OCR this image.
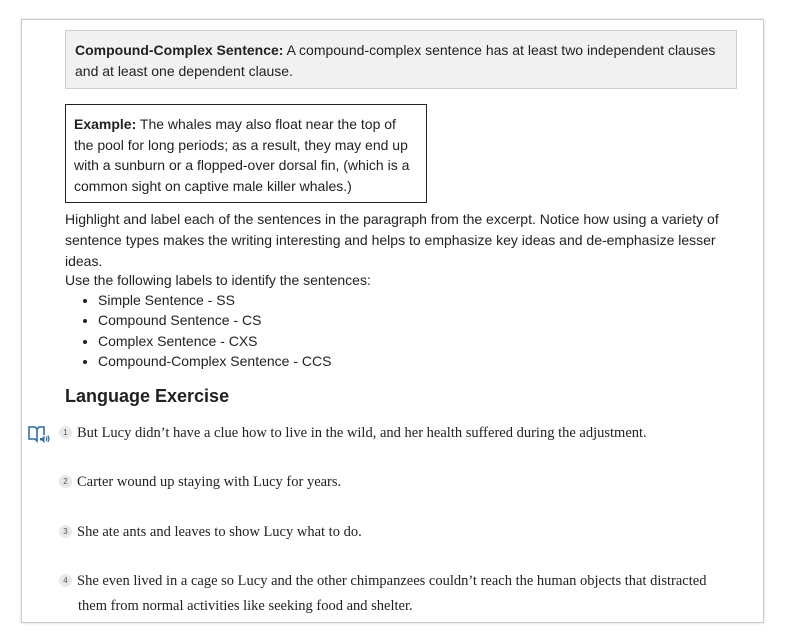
Compound-Complex Sentence: A compound-complex sentence has at least two independent clauses and at least one dependent clause.
Example: The whales may also float near the top of the pool for long periods; as a result, they may end up with a sunburn or a flopped-over dorsal fin, (which is a common sight on captive male killer whales.)
Highlight and label each of the sentences in the paragraph from the excerpt. Notice how using a variety of sentence types makes the writing interesting and helps to emphasize key ideas and de-emphasize lesser ideas.
Use the following labels to identify the sentences:
• Simple Sentence - SS
• Compound Sentence - CS
• Complex Sentence - CXS
• Compound-Complex Sentence - CCS
Language Exercise
1 But Lucy didn’t have a clue how to live in the wild, and her health suffered during the adjustment.
2 Carter wound up staying with Lucy for years.
3 She ate ants and leaves to show Lucy what to do.
4 She even lived in a cage so Lucy and the other chimpanzees couldn’t reach the human objects that distracted
them from normal activities like seeking food and shelter.
